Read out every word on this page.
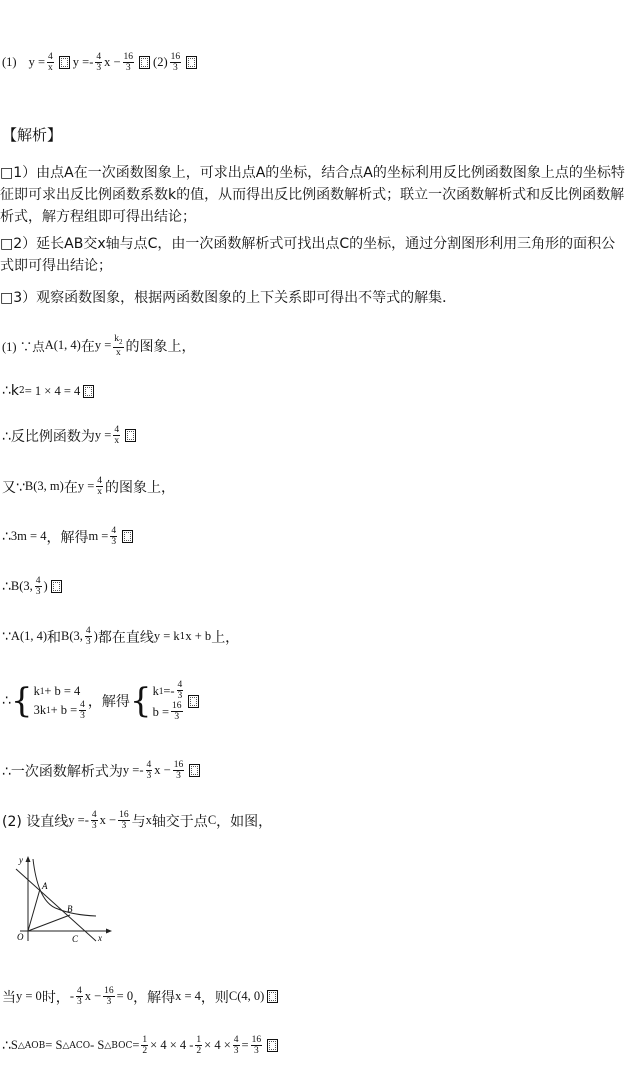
(1) $y = \frac{4}{x}$ $y =- \frac{4}{3}$ $x - \frac{16}{3} (2) \frac{16}{3}$
【解析】
□1）由点A在一次函数图象上，可求出点A的坐标，结合点A的坐标利用反比例函数图象上点的坐标特征即可求出反比例函数系数k的值，从而得出反比例函数解析式；联立一次函数解析式和反比例函数解析式，解方程组即可得出结论；
□2）延长AB交x轴与点C，由一次函数解析式可找出点C的坐标，通过分割图形利用三角形的面积公式即可得出结论；
□3）观察函数图象，根据两函数图象的上下关系即可得出不等式的解集．
(1) ∵点 A(1, 4) 在 $y = \frac{k_2}{x}$ 的图象上，
∴k 2 = 1 × 4 = 4
∴反比例函数为 $y = \frac{4}{x}$
又∵ B(3, m) 在 $y = \frac{4}{x}$ 的图象上，
∴ 3m = 4 ，解得 $m = \frac{4}{3}$
∴ B(3, $\frac{4}{3}$ )
∵ A(1, 4) 和 B(3, $\frac{4}{3}$ ) 都在直线 y = k 1 x + b 上，
∴ { k 1 + b = 4
3k $1 + b = \frac{4}{3}$ ，解得 { k $1 =- \frac{4}{3}$
$b = \frac{16}{3}$
∴一次函数解析式为 $y =- \frac{4}{3}$ $x - \frac{16}{3}$
(2) 设直线 $y =- \frac{4}{3}$ $x - \frac{16}{3}$ 与 x 轴交于点 C ，如图，
y
x
O
A
B
C
当 y = 0 时， - $\frac{4}{3}$ $x - \frac{16}{3} = 0$ ，解得 x = 4 ，则 C(4, 0)
∴ S △AOB = S △ACO - S △BOC = $\frac{1}{2} \times 4 \times 4 - \frac{1}{2} \times 4 \times \frac{4}{3} = \frac{16}{3}$
